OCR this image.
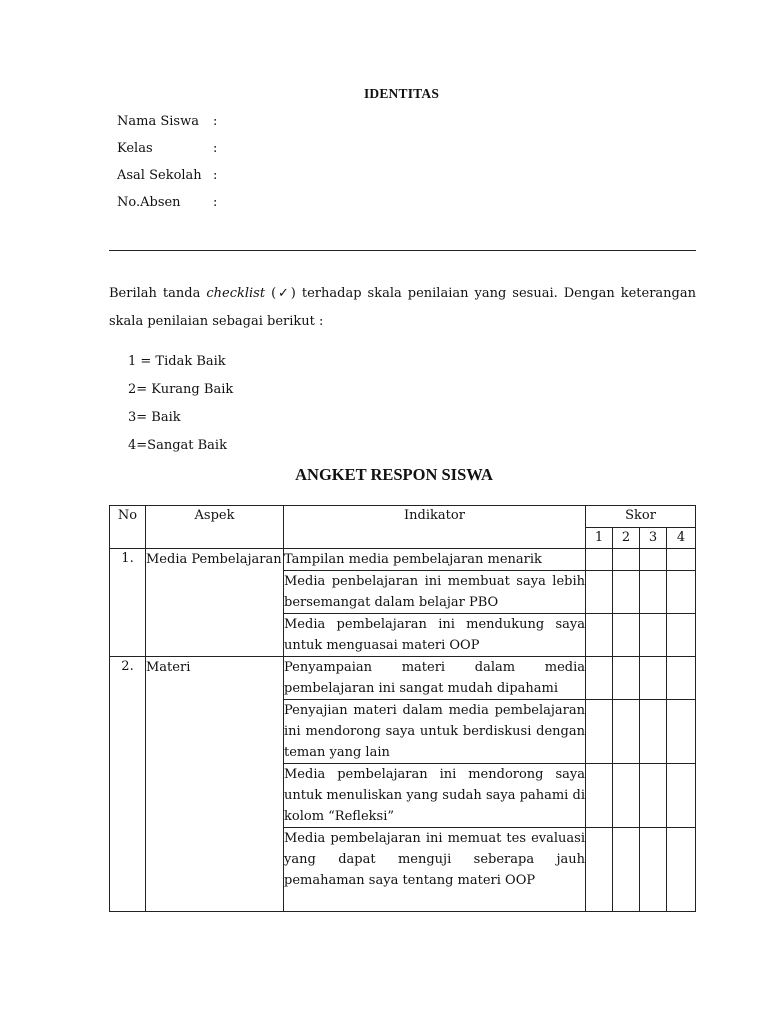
IDENTITAS
Nama Siswa :
Kelas	:
Asal Sekolah :
No.Absen :
Berilah tanda checklist (✓) terhadap skala penilaian yang sesuai. Dengan keterangan skala penilaian sebagai berikut :
1 = Tidak Baik
2= Kurang Baik
3= Baik
4=Sangat Baik
ANGKET RESPON SISWA
No	Aspek	Indikator	Skor			
			1	2	3	4
1.	Media Pembelajaran	Tampilan media pembelajaran menarik				
		Media penbelajaran ini membuat saya lebih bersemangat dalam belajar PBO				
		Media pembelajaran ini mendukung saya untuk menguasai materi OOP				
2.	Materi	Penyampaian materi dalam media pembelajaran ini sangat mudah dipahami				
		Penyajian materi dalam media pembelajaran ini mendorong saya untuk berdiskusi dengan teman yang lain				
		Media pembelajaran ini mendorong saya untuk menuliskan yang sudah saya pahami di kolom “Refleksi”				
		Media pembelajaran ini memuat tes evaluasi yang dapat menguji seberapa jauh pemahaman saya tentang materi OOP				
